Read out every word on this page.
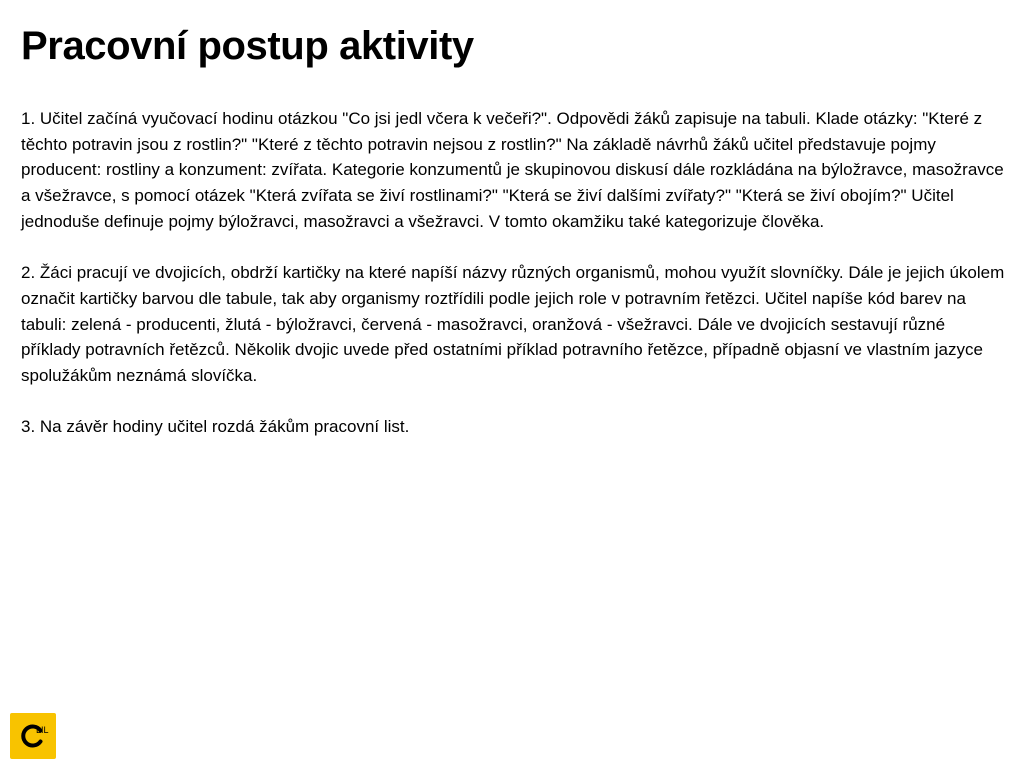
Pracovní postup aktivity

1. Učitel začíná vyučovací hodinu otázkou "Co jsi jedl včera k večeři?". Odpovědi žáků zapisuje na tabuli. Klade otázky: "Které z těchto potravin jsou z rostlin?" "Které z těchto potravin nejsou z rostlin?" Na základě návrhů žáků učitel představuje pojmy producent: rostliny a konzument: zvířata. Kategorie konzumentů je skupinovou diskusí dále rozkládána na býložravce, masožravce a všežravce, s pomocí otázek "Která zvířata se živí rostlinami?" "Která se živí dalšími zvířaty?" "Která se živí obojím?" Učitel jednoduše definuje pojmy býložravci, masožravci a všežravci. V tomto okamžiku také kategorizuje člověka.

2. Žáci pracují ve dvojicích, obdrží kartičky na které napíší názvy různých organismů, mohou využít slovníčky. Dále je jejich úkolem označit kartičky barvou dle tabule, tak aby organismy roztřídili podle jejich role v potravním řetězci. Učitel napíše kód barev na tabuli: zelená - producenti, žlutá - býložravci, červená - masožravci, oranžová - všežravci. Dále ve dvojicích sestavují různé příklady potravních řetězců. Několik dvojic uvede před ostatními příklad potravního řetězce, případně objasní ve vlastním jazyce spolužákům neznámá slovíčka.

3. Na závěr hodiny učitel rozdá žákům pracovní list.

LIL
